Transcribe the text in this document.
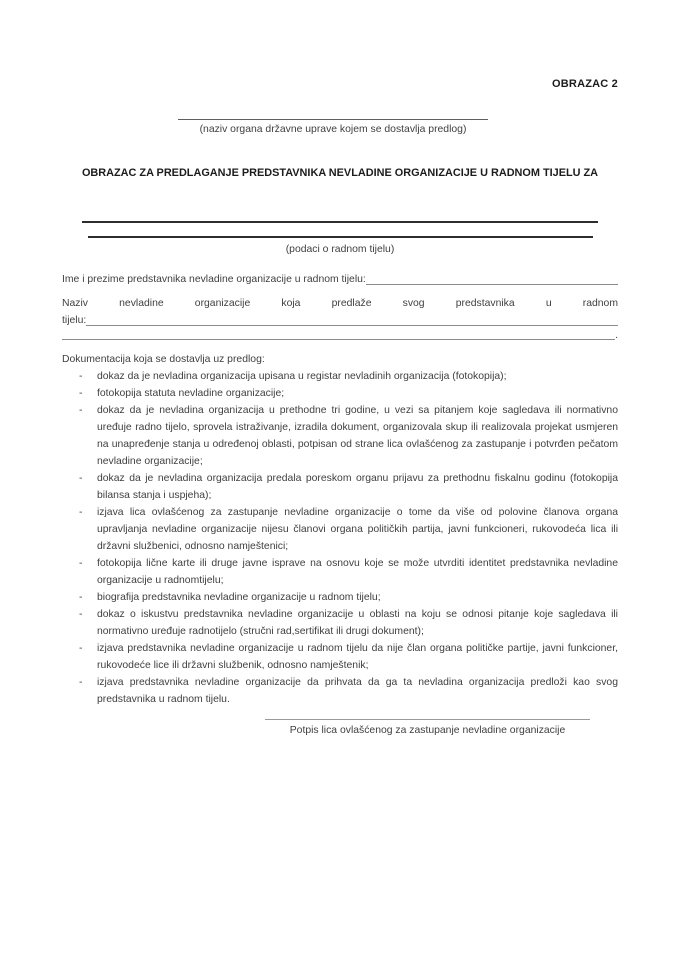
OBRAZAC 2
(naziv organa državne uprave kojem se dostavlja predlog)
OBRAZAC ZA PREDLAGANJE PREDSTAVNIKA NEVLADINE ORGANIZACIJE U RADNOM TIJELU ZA
(podaci o radnom tijelu)
Ime i prezime predstavnika nevladine organizacije u radnom tijelu:
Naziv nevladine organizacije koja predlaže svog predstavnika u radnom
tijelu:
.
Dokumentacija koja se dostavlja uz predlog:
- dokaz da je nevladina organizacija upisana u registar nevladinih organizacija (fotokopija);
- fotokopija statuta nevladine organizacije;
- dokaz da je nevladina organizacija u prethodne tri godine, u vezi sa pitanjem koje sagledava ili normativno uređuje radno tijelo, sprovela istraživanje, izradila dokument, organizovala skup ili realizovala projekat usmjeren na unapređenje stanja u određenoj oblasti, potpisan od strane lica ovlašćenog za zastupanje i potvrđen pečatom nevladine organizacije;
- dokaz da je nevladina organizacija predala poreskom organu prijavu za prethodnu fiskalnu godinu (fotokopija bilansa stanja i uspjeha);
- izjava lica ovlašćenog za zastupanje nevladine organizacije o tome da više od polovine članova organa upravljanja nevladine organizacije nijesu članovi organa političkih partija, javni funkcioneri, rukovodeća lica ili državni službenici, odnosno namještenici;
- fotokopija lične karte ili druge javne isprave na osnovu koje se može utvrditi identitet predstavnika nevladine organizacije u radnomtijelu;
- biografija predstavnika nevladine organizacije u radnom tijelu;
- dokaz o iskustvu predstavnika nevladine organizacije u oblasti na koju se odnosi pitanje koje sagledava ili normativno uređuje radnotijelo (stručni rad,sertifikat ili drugi dokument);
- izjava predstavnika nevladine organizacije u radnom tijelu da nije član organa političke partije, javni funkcioner, rukovodeće lice ili državni službenik, odnosno namještenik;
- izjava predstavnika nevladine organizacije da prihvata da ga ta nevladina organizacija predloži kao svog predstavnika u radnom tijelu.
Potpis lica ovlašćenog za zastupanje nevladine organizacije
